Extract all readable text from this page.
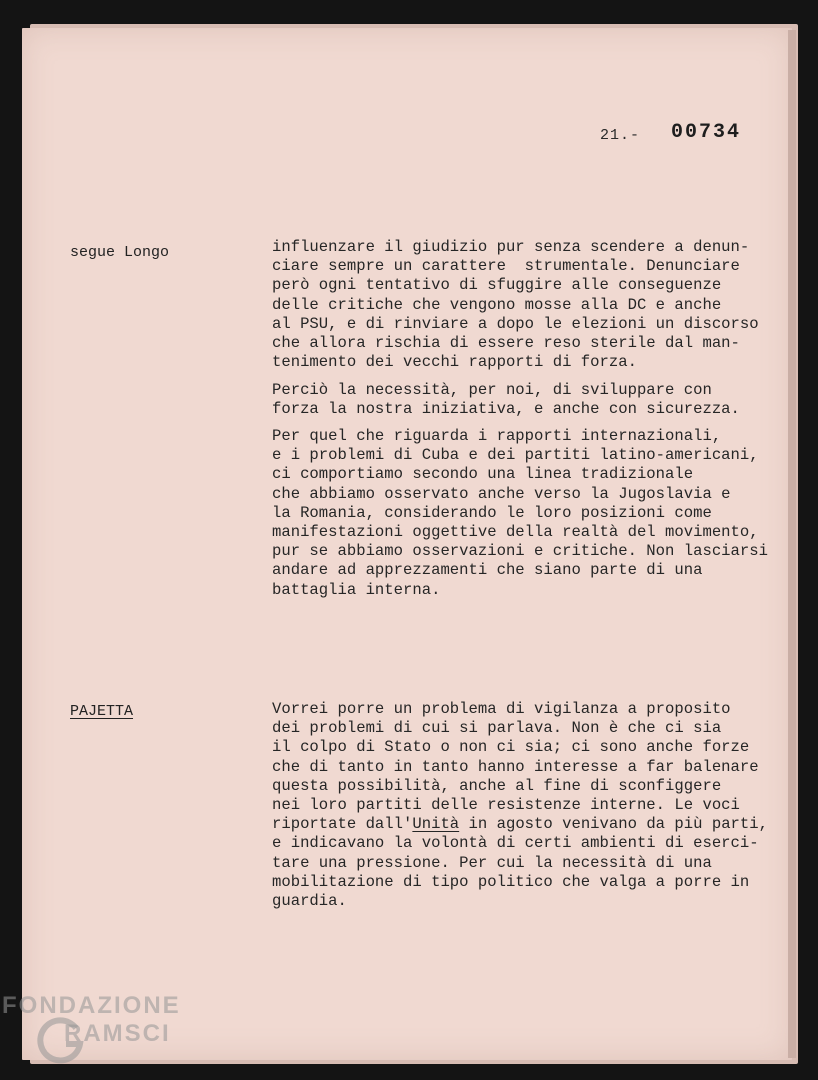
21.- 00734
segue Longo	influenzare il giudizio pur senza scendere a denun-
ciare sempre un carattere  strumentale. Denunciare
però ogni tentativo di sfuggire alle conseguenze
delle critiche che vengono mosse alla DC e anche
al PSU, e di rinviare a dopo le elezioni un discorso
che allora rischia di essere reso sterile dal man-
tenimento dei vecchi rapporti di forza.

Perciò la necessità, per noi, di sviluppare con
forza la nostra iniziativa, e anche con sicurezza.

Per quel che riguarda i rapporti internazionali,
e i problemi di Cuba e dei partiti latino-americani,
ci comportiamo secondo una linea tradizionale
che abbiamo osservato anche verso la Jugoslavia e
la Romania, considerando le loro posizioni come
manifestazioni oggettive della realtà del movimento,
pur se abbiamo osservazioni e critiche. Non lasciarsi
andare ad apprezzamenti che siano parte di una
battaglia interna.

PAJETTA	Vorrei porre un problema di vigilanza a proposito
dei problemi di cui si parlava. Non è che ci sia
il colpo di Stato o non ci sia; ci sono anche forze
che di tanto in tanto hanno interesse a far balenare
questa possibilità, anche al fine di sconfiggere
nei loro partiti delle resistenze interne. Le voci
riportate dall'Unità in agosto venivano da più parti,
e indicavano la volontà di certi ambienti di eserci-
tare una pressione. Per cui la necessità di una
mobilitazione di tipo politico che valga a porre in
guardia.

FONDAZIONE
RAMSCI
